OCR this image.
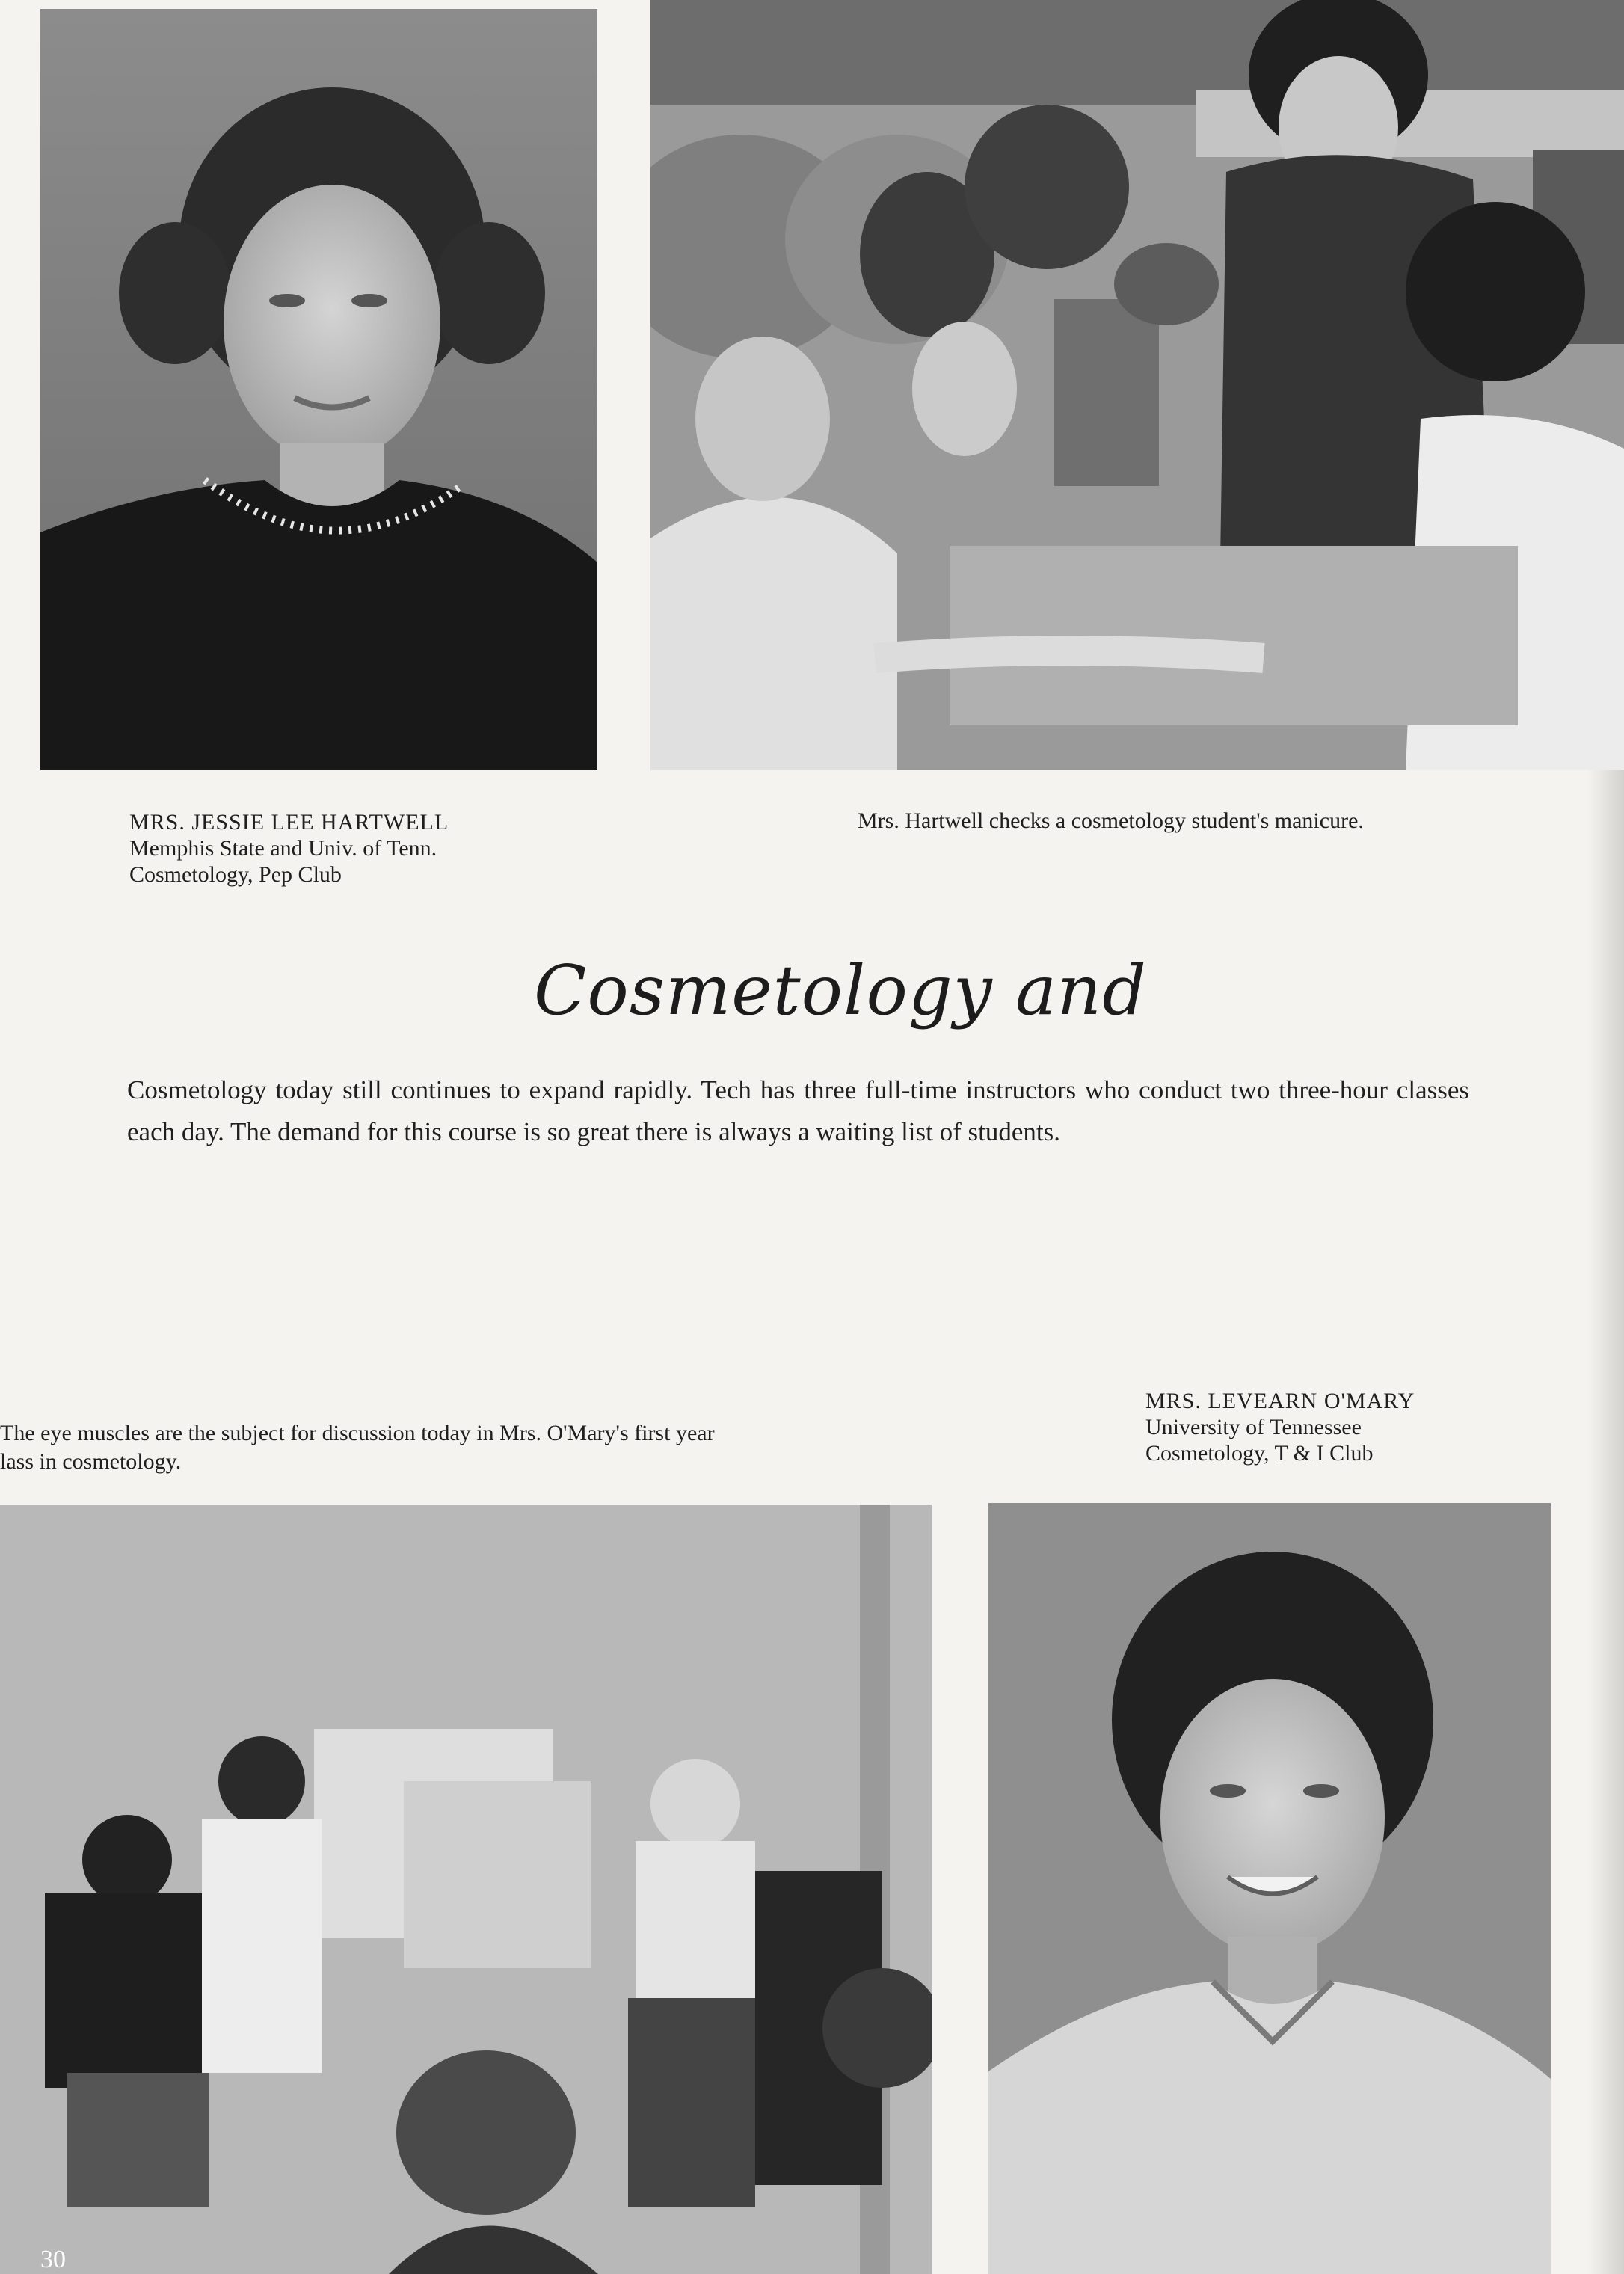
MRS. JESSIE LEE HARTWELL
Memphis State and Univ. of Tenn.
Cosmetology, Pep Club
Mrs. Hartwell checks a cosmetology student's manicure.
Cosmetology and

Cosmetology today still continues to expand rapidly. Tech has three full-time instructors who conduct two three-hour classes each day. The demand for this course is so great there is always a waiting list of students.

The eye muscles are the subject for discussion today in Mrs. O'Mary's first year
lass in cosmetology.
MRS. LEVEARN O'MARY
University of Tennessee
Cosmetology, T & I Club
30
